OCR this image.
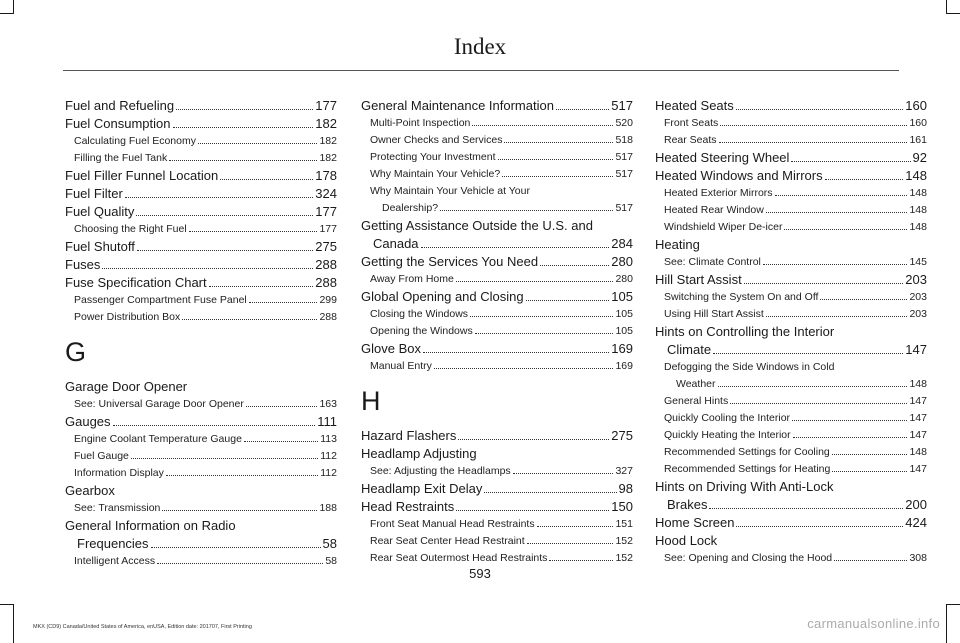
Index
Fuel and Refueling	177
Fuel Consumption	182
Calculating Fuel Economy	182
Filling the Fuel Tank	182
Fuel Filler Funnel Location	178
Fuel Filter	324
Fuel Quality	177
Choosing the Right Fuel	177
Fuel Shutoff	275
Fuses	288
Fuse Specification Chart	288
Passenger Compartment Fuse Panel	299
Power Distribution Box	288
G
Garage Door Opener
See: Universal Garage Door Opener	163
Gauges	111
Engine Coolant Temperature Gauge	113
Fuel Gauge	112
Information Display	112
Gearbox
See: Transmission	188
General Information on Radio
Frequencies	58
Intelligent Access	58
General Maintenance Information	517
Multi-Point Inspection	520
Owner Checks and Services	518
Protecting Your Investment	517
Why Maintain Your Vehicle?	517
Why Maintain Your Vehicle at Your
Dealership?	517
Getting Assistance Outside the U.S. and
Canada	284
Getting the Services You Need	280
Away From Home	280
Global Opening and Closing	105
Closing the Windows	105
Opening the Windows	105
Glove Box	169
Manual Entry	169
H
Hazard Flashers	275
Headlamp Adjusting
See: Adjusting the Headlamps	327
Headlamp Exit Delay	98
Head Restraints	150
Front Seat Manual Head Restraints	151
Rear Seat Center Head Restraint	152
Rear Seat Outermost Head Restraints	152
Heated Seats	160
Front Seats	160
Rear Seats	161
Heated Steering Wheel	92
Heated Windows and Mirrors	148
Heated Exterior Mirrors	148
Heated Rear Window	148
Windshield Wiper De-icer	148
Heating
See: Climate Control	145
Hill Start Assist	203
Switching the System On and Off	203
Using Hill Start Assist	203
Hints on Controlling the Interior
Climate	147
Defogging the Side Windows in Cold
Weather	148
General Hints	147
Quickly Cooling the Interior	147
Quickly Heating the Interior	147
Recommended Settings for Cooling	148
Recommended Settings for Heating	147
Hints on Driving With Anti-Lock
Brakes	200
Home Screen	424
Hood Lock
See: Opening and Closing the Hood	308
593
MKX (CD9) Canada/United States of America, enUSA, Edition date: 201707, First Printing	carmanualsonline.info
